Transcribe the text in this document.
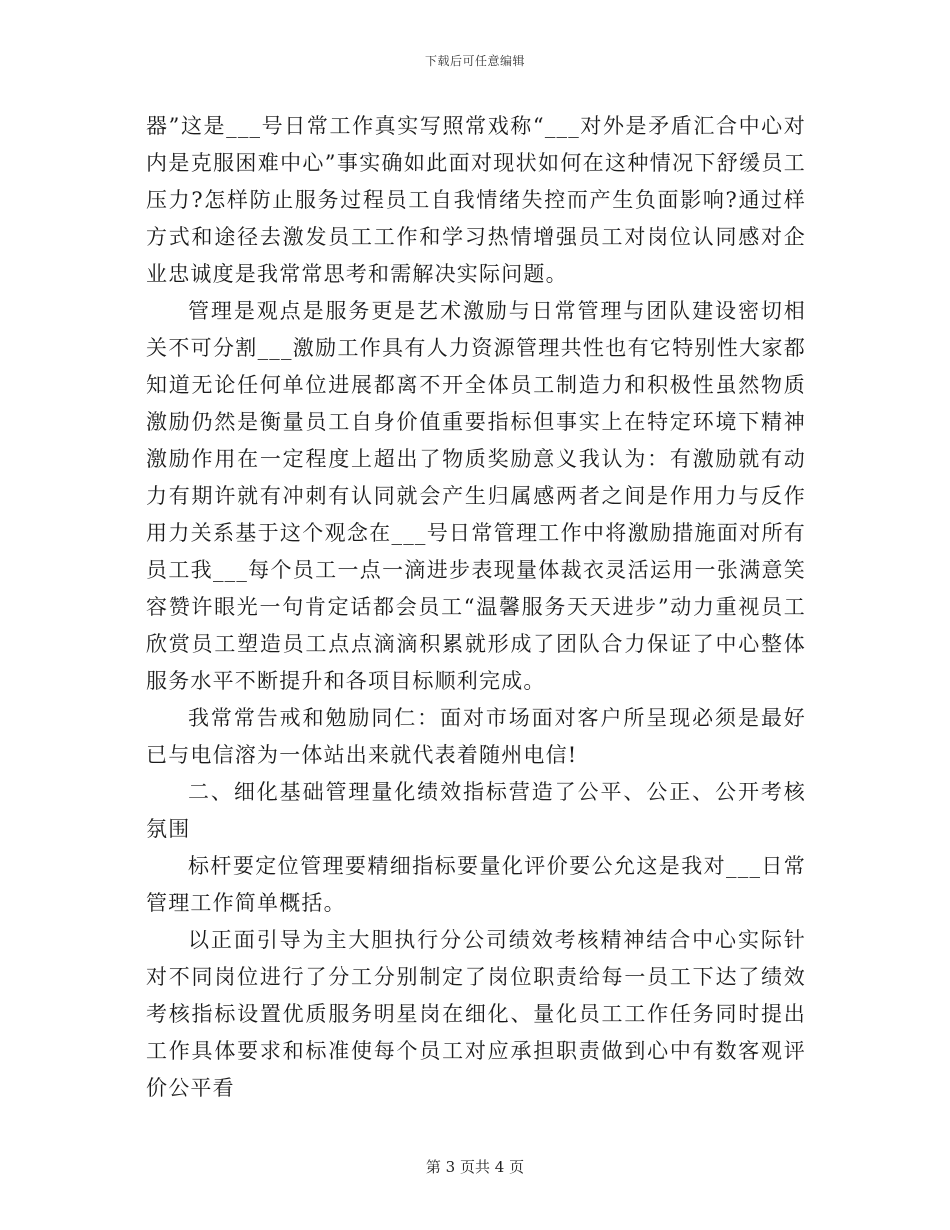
下载后可任意编辑

器”这是___号日常工作真实写照常戏称“___对外是矛盾汇合中心对内是克服困难中心”事实确如此面对现状如何在这种情况下舒缓员工压力?怎样防止服务过程员工自我情绪失控而产生负面影响?通过样方式和途径去激发员工工作和学习热情增强员工对岗位认同感对企业忠诚度是我常常思考和需解决实际问题。

管理是观点是服务更是艺术激励与日常管理与团队建设密切相关不可分割___激励工作具有人力资源管理共性也有它特别性大家都知道无论任何单位进展都离不开全体员工制造力和积极性虽然物质激励仍然是衡量员工自身价值重要指标但事实上在特定环境下精神激励作用在一定程度上超出了物质奖励意义我认为：有激励就有动力有期许就有冲刺有认同就会产生归属感两者之间是作用力与反作用力关系基于这个观念在___号日常管理工作中将激励措施面对所有员工我___每个员工一点一滴进步表现量体裁衣灵活运用一张满意笑容赞许眼光一句肯定话都会员工“温馨服务天天进步”动力重视员工欣赏员工塑造员工点点滴滴积累就形成了团队合力保证了中心整体服务水平不断提升和各项目标顺利完成。

我常常告戒和勉励同仁：面对市场面对客户所呈现必须是最好已与电信溶为一体站出来就代表着随州电信!

二、细化基础管理量化绩效指标营造了公平、公正、公开考核氛围

标杆要定位管理要精细指标要量化评价要公允这是我对___日常管理工作简单概括。

以正面引导为主大胆执行分公司绩效考核精神结合中心实际针对不同岗位进行了分工分别制定了岗位职责给每一员工下达了绩效考核指标设置优质服务明星岗在细化、量化员工工作任务同时提出工作具体要求和标准使每个员工对应承担职责做到心中有数客观评价公平看

第 3 页共 4 页
